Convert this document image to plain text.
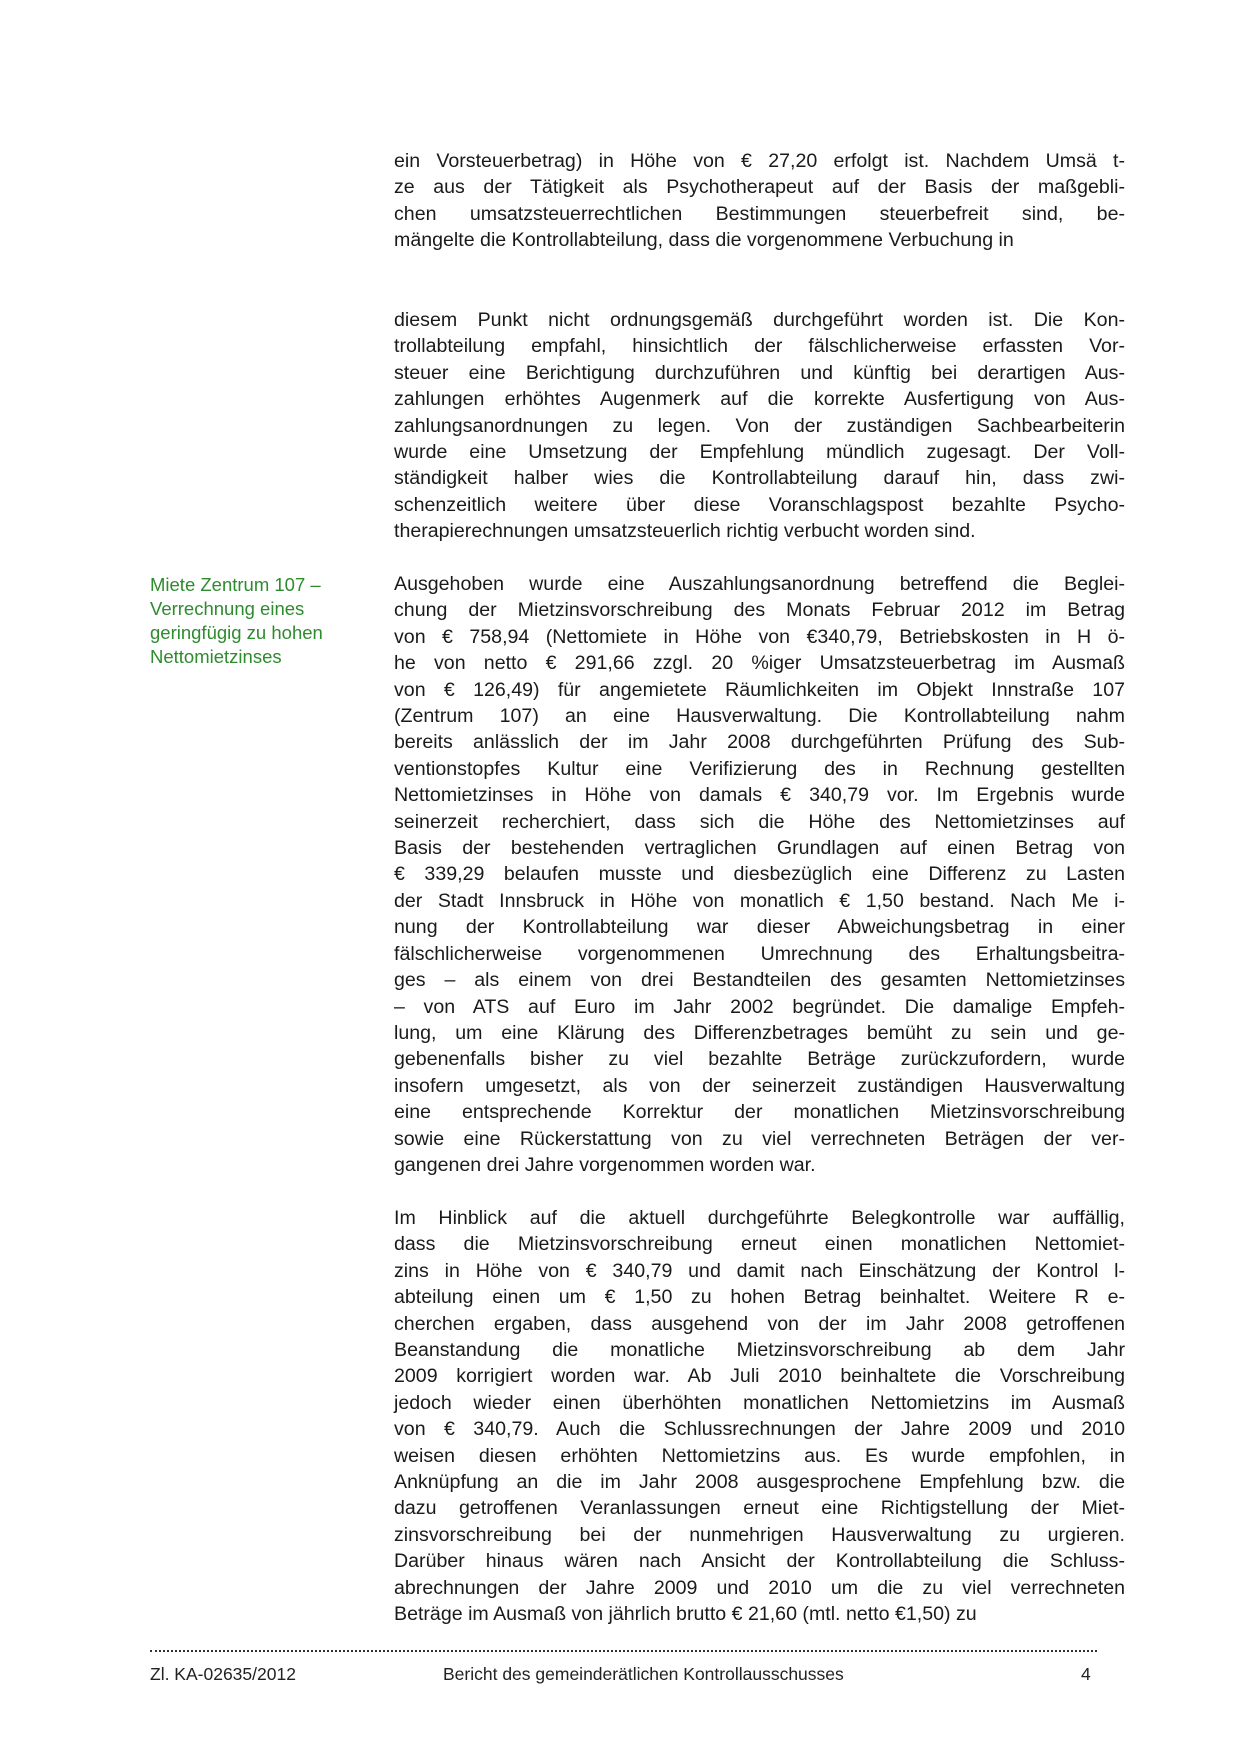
ein Vorsteuerbetrag) in Höhe von € 27,20 erfolgt ist. Nachdem Umsä t-
ze aus der Tätigkeit als Psychotherapeut auf der Basis der maßgebli-
chen umsatzsteuerrechtlichen Bestimmungen steuerbefreit sind, be-
mängelte die Kontrollabteilung, dass die vorgenommene Verbuchung in
diesem Punkt nicht ordnungsgemäß durchgeführt worden ist. Die Kon-
trollabteilung empfahl, hinsichtlich der fälschlicherweise erfassten Vor-
steuer eine Berichtigung durchzuführen und künftig bei derartigen Aus-
zahlungen erhöhtes Augenmerk auf die korrekte Ausfertigung von Aus-
zahlungsanordnungen zu legen. Von der zuständigen Sachbearbeiterin
wurde eine Umsetzung der Empfehlung mündlich zugesagt. Der Voll-
ständigkeit halber wies die Kontrollabteilung darauf hin, dass zwi-
schenzeitlich weitere über diese Voranschlagspost bezahlte Psycho-
therapierechnungen umsatzsteuerlich richtig verbucht worden sind.
Ausgehoben wurde eine Auszahlungsanordnung betreffend die Beglei-
chung der Mietzinsvorschreibung des Monats Februar 2012 im Betrag
von € 758,94 (Nettomiete in Höhe von €340,79, Betriebskosten in H ö-
he von netto € 291,66 zzgl. 20 %iger Umsatzsteuerbetrag im Ausmaß
von € 126,49) für angemietete Räumlichkeiten im Objekt Innstraße 107
(Zentrum 107) an eine Hausverwaltung. Die Kontrollabteilung nahm
bereits anlässlich der im Jahr 2008 durchgeführten Prüfung des Sub-
ventionstopfes Kultur eine Verifizierung des in Rechnung gestellten
Nettomietzinses in Höhe von damals € 340,79 vor. Im Ergebnis wurde
seinerzeit recherchiert, dass sich die Höhe des Nettomietzinses auf
Basis der bestehenden vertraglichen Grundlagen auf einen Betrag von
€ 339,29 belaufen musste und diesbezüglich eine Differenz zu Lasten
der Stadt Innsbruck in Höhe von monatlich € 1,50 bestand. Nach Me i-
nung der Kontrollabteilung war dieser Abweichungsbetrag in einer
fälschlicherweise vorgenommenen Umrechnung des Erhaltungsbeitra-
ges – als einem von drei Bestandteilen des gesamten Nettomietzinses
– von ATS auf Euro im Jahr 2002 begründet. Die damalige Empfeh-
lung, um eine Klärung des Differenzbetrages bemüht zu sein und ge-
gebenenfalls bisher zu viel bezahlte Beträge zurückzufordern, wurde
insofern umgesetzt, als von der seinerzeit zuständigen Hausverwaltung
eine entsprechende Korrektur der monatlichen Mietzinsvorschreibung
sowie eine Rückerstattung von zu viel verrechneten Beträgen der ver-
gangenen drei Jahre vorgenommen worden war.
Im Hinblick auf die aktuell durchgeführte Belegkontrolle war auffällig,
dass die Mietzinsvorschreibung erneut einen monatlichen Nettomiet-
zins in Höhe von € 340,79 und damit nach Einschätzung der Kontrol l-
abteilung einen um € 1,50 zu hohen Betrag beinhaltet. Weitere R e-
cherchen ergaben, dass ausgehend von der im Jahr 2008 getroffenen
Beanstandung die monatliche Mietzinsvorschreibung ab dem Jahr
2009 korrigiert worden war. Ab Juli 2010 beinhaltete die Vorschreibung
jedoch wieder einen überhöhten monatlichen Nettomietzins im Ausmaß
von € 340,79. Auch die Schlussrechnungen der Jahre 2009 und 2010
weisen diesen erhöhten Nettomietzins aus. Es wurde empfohlen, in
Anknüpfung an die im Jahr 2008 ausgesprochene Empfehlung bzw. die
dazu getroffenen Veranlassungen erneut eine Richtigstellung der Miet-
zinsvorschreibung bei der nunmehrigen Hausverwaltung zu urgieren.
Darüber hinaus wären nach Ansicht der Kontrollabteilung die Schluss-
abrechnungen der Jahre 2009 und 2010 um die zu viel verrechneten
Beträge im Ausmaß von jährlich brutto € 21,60 (mtl. netto €1,50) zu
Miete Zentrum 107 –
Verrechnung eines
geringfügig zu hohen
Nettomietzinses
Zl. KA-02635/2012	Bericht des gemeinderätlichen Kontrollausschusses	4
